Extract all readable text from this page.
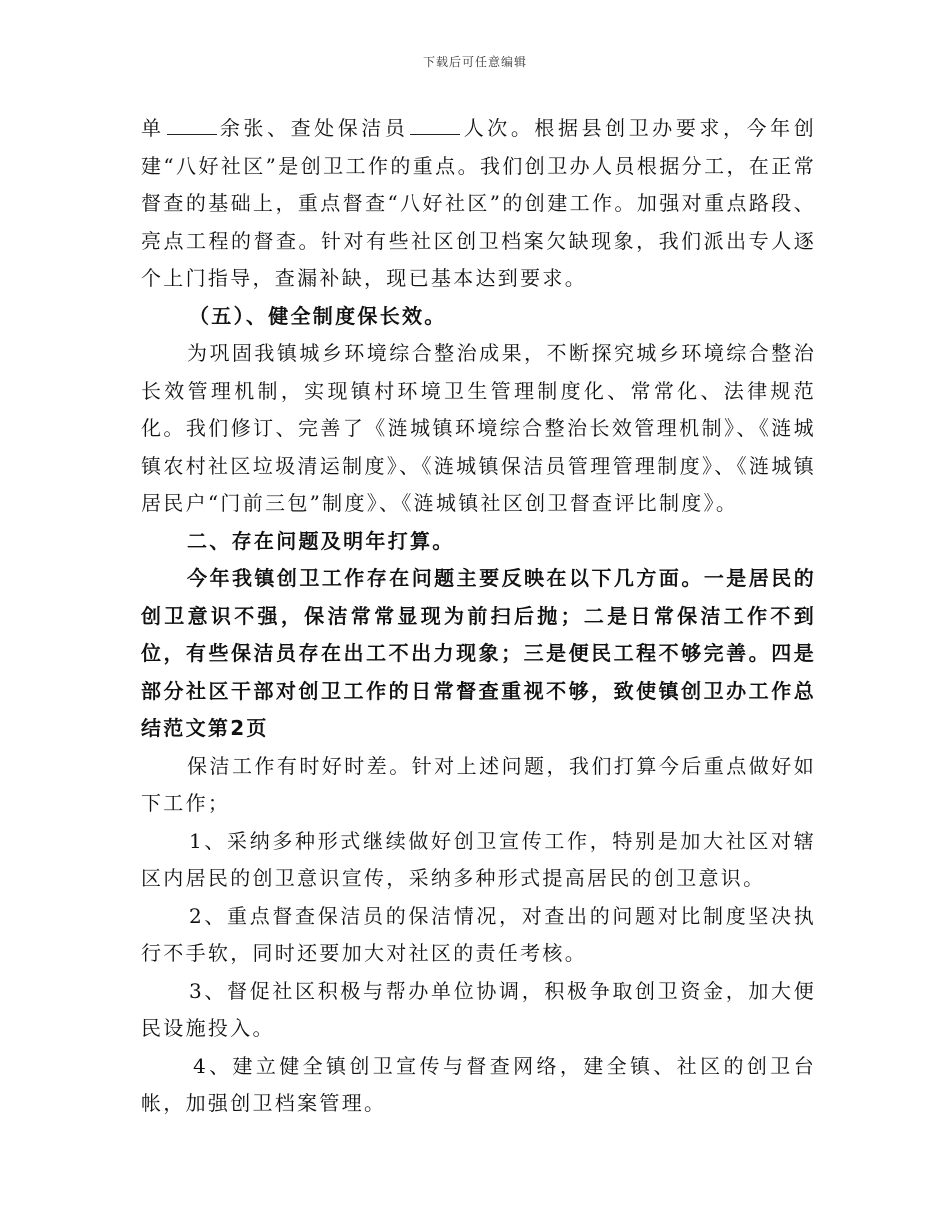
下载后可任意编辑

单	余张、查处保洁员	人次。根据县创卫办要求，今年创建“八好社区”是创卫工作的重点。我们创卫办人员根据分工，在正常督查的基础上，重点督查“八好社区”的创建工作。加强对重点路段、亮点工程的督查。针对有些社区创卫档案欠缺现象，我们派出专人逐个上门指导，查漏补缺，现已基本达到要求。

（五）、健全制度保长效。

为巩固我镇城乡环境综合整治成果，不断探究城乡环境综合整治长效管理机制，实现镇村环境卫生管理制度化、常常化、法律规范化。我们修订、完善了《涟城镇环境综合整治长效管理机制》、《涟城镇农村社区垃圾清运制度》、《涟城镇保洁员管理管理制度》、《涟城镇居民户“门前三包”制度》、《涟城镇社区创卫督查评比制度》。

二、存在问题及明年打算。

今年我镇创卫工作存在问题主要反映在以下几方面。一是居民的创卫意识不强，保洁常常显现为前扫后抛；二是日常保洁工作不到位，有些保洁员存在出工不出力现象；三是便民工程不够完善。四是部分社区干部对创卫工作的日常督查重视不够，致使镇创卫办工作总结范文第2页

保洁工作有时好时差。针对上述问题，我们打算今后重点做好如下工作；

1、采纳多种形式继续做好创卫宣传工作，特别是加大社区对辖区内居民的创卫意识宣传，采纳多种形式提高居民的创卫意识。

2、重点督查保洁员的保洁情况，对查出的问题对比制度坚决执行不手软，同时还要加大对社区的责任考核。

3、督促社区积极与帮办单位协调，积极争取创卫资金，加大便民设施投入。

4、建立健全镇创卫宣传与督查网络，建全镇、社区的创卫台帐，加强创卫档案管理。
